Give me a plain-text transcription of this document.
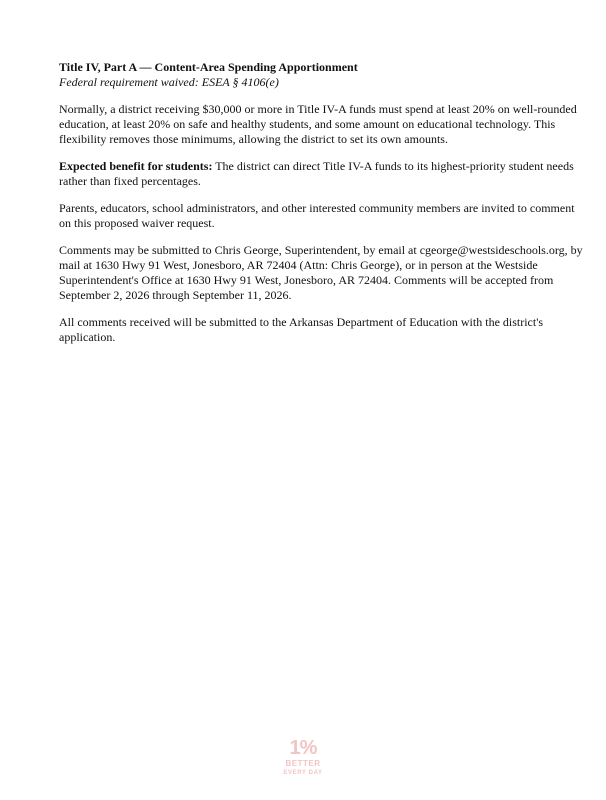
Title IV, Part A — Content-Area Spending Apportionment
Federal requirement waived: ESEA § 4106(e)

Normally, a district receiving $30,000 or more in Title IV-A funds must spend at least 20% on well-rounded education, at least 20% on safe and healthy students, and some amount on educational technology. This flexibility removes those minimums, allowing the district to set its own amounts.

Expected benefit for students: The district can direct Title IV-A funds to its highest-priority student needs rather than fixed percentages.

Parents, educators, school administrators, and other interested community members are invited to comment on this proposed waiver request.

Comments may be submitted to Chris George, Superintendent, by email at cgeorge@westsideschools.org, by mail at 1630 Hwy 91 West, Jonesboro, AR 72404 (Attn: Chris George), or in person at the Westside Superintendent's Office at 1630 Hwy 91 West, Jonesboro, AR 72404. Comments will be accepted from September 2, 2026 through September 11, 2026.

All comments received will be submitted to the Arkansas Department of Education with the district's application.

1%
BETTER
EVERY DAY
